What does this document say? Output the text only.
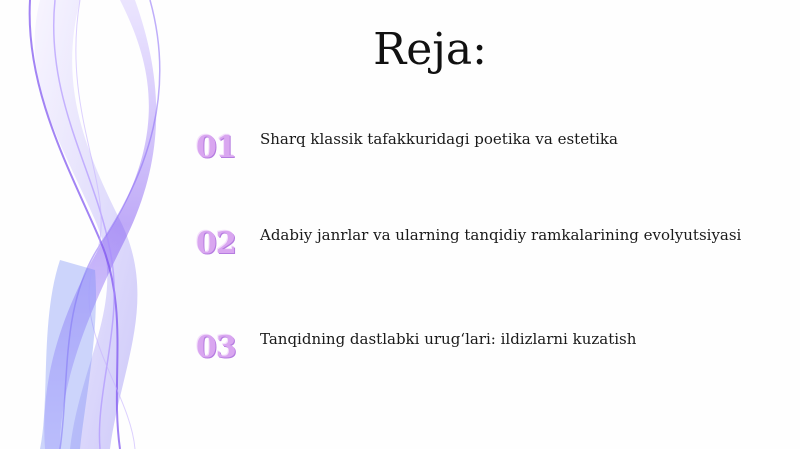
Reja:
01	Sharq klassik tafakkuridagi poetika va estetika
02	Adabiy janrlar va ularning tanqidiy ramkalarining evolyutsiyasi
03	Tanqidning dastlabki urug‘lari: ildizlarni kuzatish
